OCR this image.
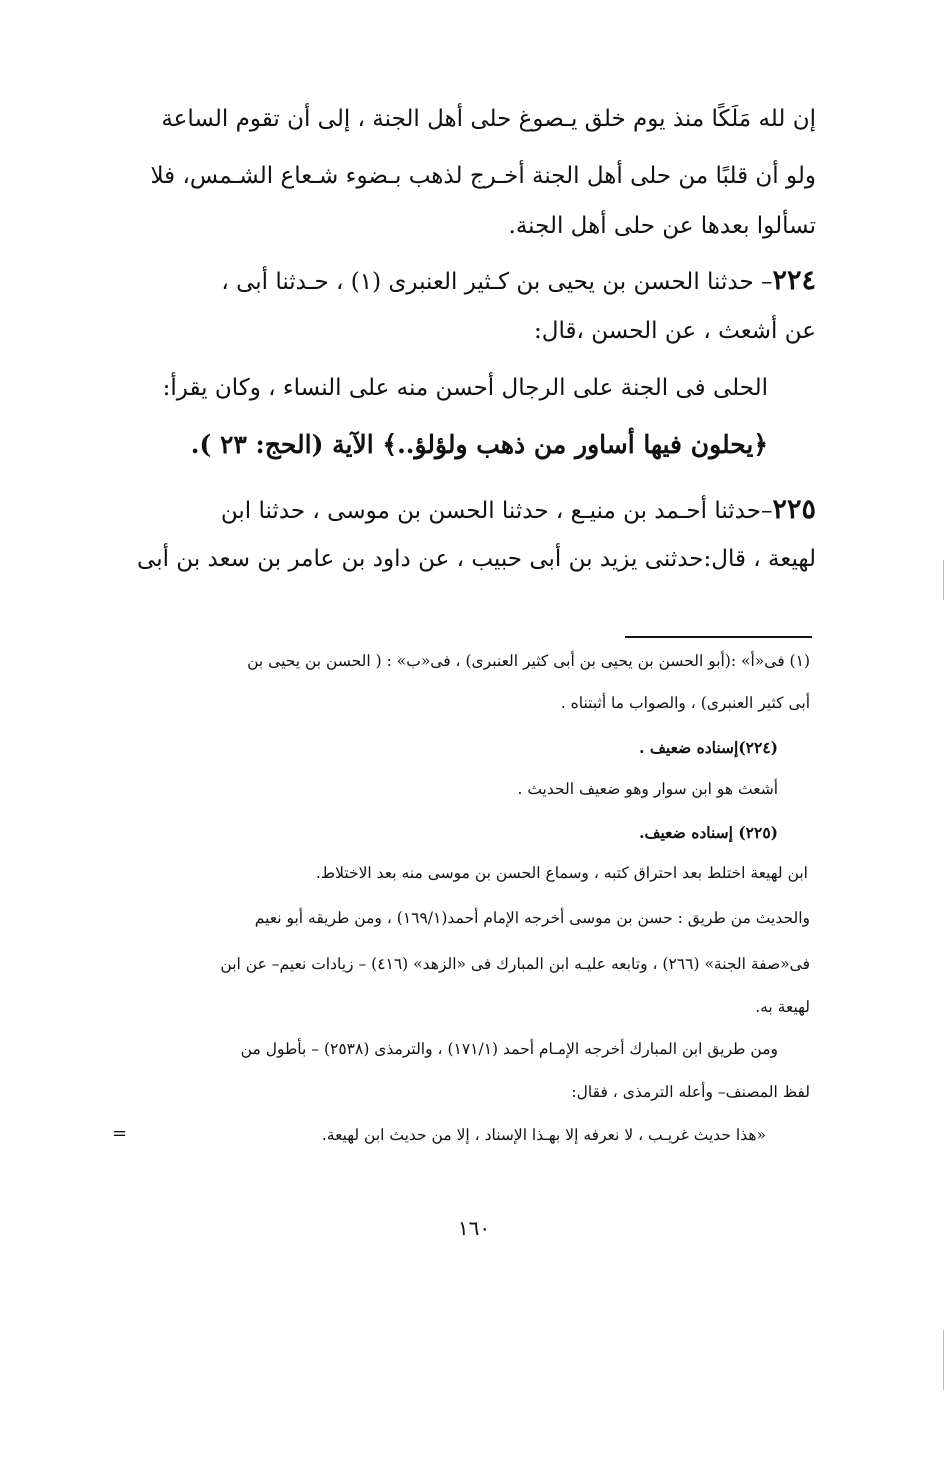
إن لله مَلَكًا منذ يوم خلق يـصوغ حلى أهل الجنة ، إلى أن تقوم الساعة
ولو أن قلبًا من حلى أهل الجنة أخـرج لذهب بـضوء شـعاع الشـمس، فلا
تسألوا بعدها عن حلى أهل الجنة.
٢٢٤– حدثنا الحسن بن يحيى بن كـثير العنبرى (١) ، حـدثنا أبى ،
عن أشعث ، عن الحسن ،قال:
الحلى فى الجنة على الرجال أحسن منه على النساء ، وكان يقرأ:
﴿يحلون فيها أساور من ذهب ولؤلؤ..﴾ الآية (الحج: ٢٣ ).
٢٢٥–حدثنا أحـمد بن منيـع ، حدثنا الحسن بن موسى ، حدثنا ابن
لهيعة ، قال:حدثنى يزيد بن أبى حبيب ، عن داود بن عامر بن سعد بن أبى
(١) فى«أ» :(أبو الحسن بن يحيى بن أبى كثير العنبرى) ، فى«ب» : ( الحسن بن يحيى بن
أبى كثير العنبرى) ، والصواب ما أثبتناه .
(٢٢٤)إسناده ضعيف .
أشعث هو ابن سوار وهو ضعيف الحديث .
(٢٢٥) إسناده ضعيف.
ابن لهيعة اختلط بعد احتراق كتبه ، وسماع الحسن بن موسى منه بعد الاختلاط.
والحديث من طريق : حسن بن موسى أخرجه الإمام أحمد(١٦٩/١) ، ومن طريقه أبو نعيم
فى«صفة الجنة» (٢٦٦) ، وتابعه عليـه ابن المبارك فى «الزهد» (٤١٦) – زيادات نعيم– عن ابن
لهيعة به.
ومن طريق ابن المبارك أخرجه الإمـام أحمد (١٧١/١) ، والترمذى (٢٥٣٨) – بأطول من
لفظ المصنف– وأعله الترمذى ، فقال:
«هذا حديث غريـب ، لا نعرفه إلا بهـذا الإسناد ، إلا من حديث ابن لهيعة.
=
١٦٠
